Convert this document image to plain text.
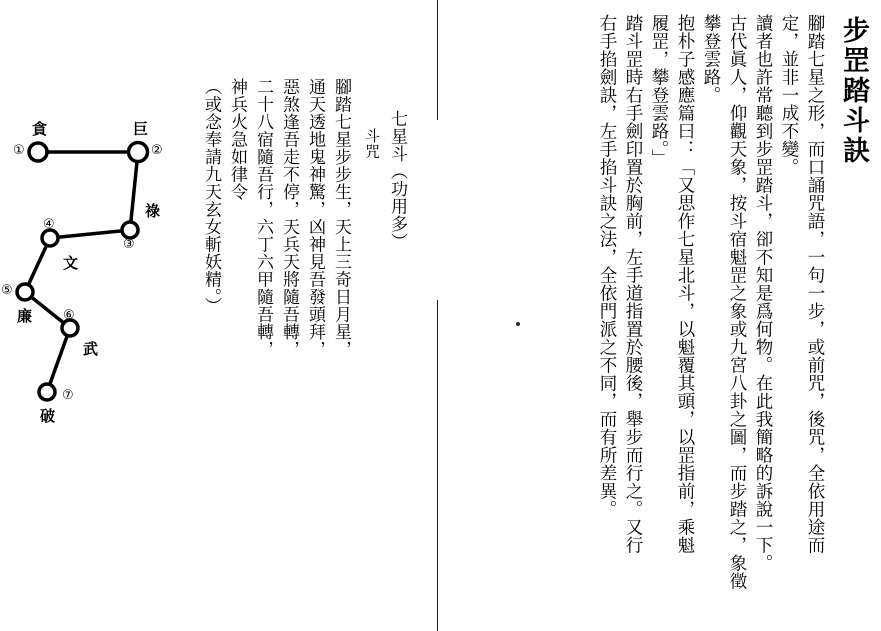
步罡踏斗訣
腳踏七星之形，而口誦咒語，一句一步，或前咒，後咒，全依用途而
定，並非一成不變。
讀者也許常聽到步罡踏斗，卻不知是爲何物。在此我簡略的訴說一下。
古代眞人，仰觀天象，按斗宿魁罡之象或九宮八卦之圖，而步踏之，象徵
攀登雲路。
抱朴子感應篇曰：「又思作七星北斗，以魁覆其頭，以罡指前，乘魁
履罡，攀登雲路。」
踏斗罡時右手劍印置於胸前，左手道指置於腰後，舉步而行之。又行
右手掐劍訣，左手掐斗訣之法，全依門派之不同，而有所差異。
七星斗（功用多）
斗咒
腳踏七星步步生，天上三奇日月星，
通天透地鬼神驚，凶神見吾發頭拜，
惡煞逢吾走不停，天兵天將隨吾轉，
二十八宿隨吾行，六丁六甲隨吾轉，
神兵火急如律令
（或念奉請九天玄女斬妖精。）
貪	巨
祿
文
廉
武
破
①	②
③
④
⑤
⑥
⑦
